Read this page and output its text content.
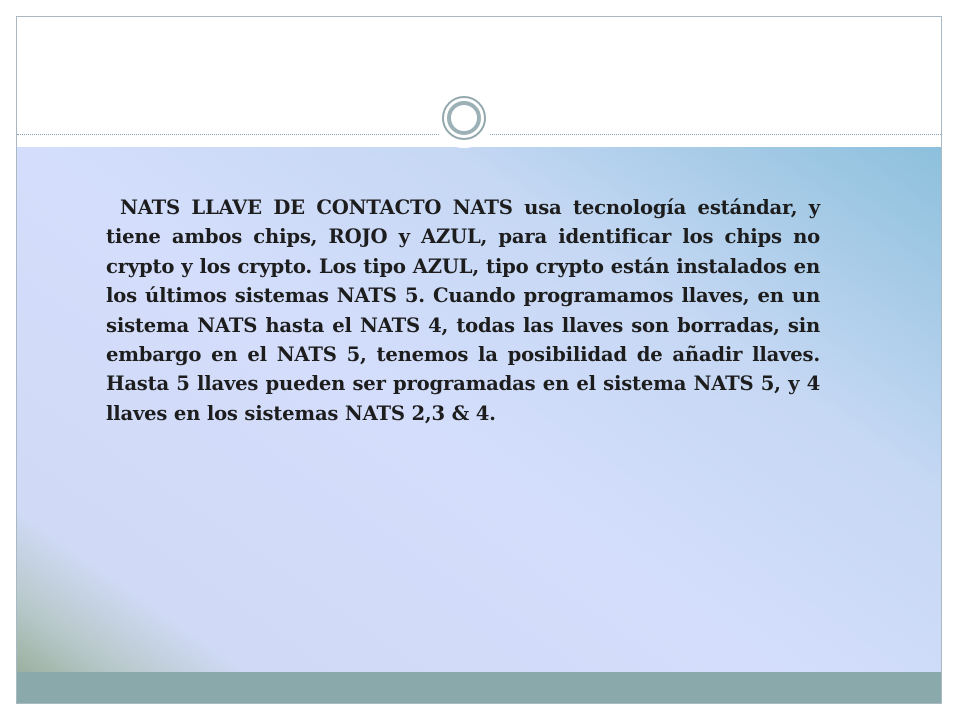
NATS LLAVE DE CONTACTO NATS usa tecnología estándar, y tiene ambos chips, ROJO y AZUL, para identificar los chips no crypto y los crypto. Los tipo AZUL, tipo crypto están instalados en los últimos sistemas NATS 5. Cuando programamos llaves, en un sistema NATS hasta el NATS 4, todas las llaves son borradas, sin embargo en el NATS 5, tenemos la posibilidad de añadir llaves. Hasta 5 llaves pueden ser programadas en el sistema NATS 5, y 4 llaves en los sistemas NATS 2,3 & 4.
